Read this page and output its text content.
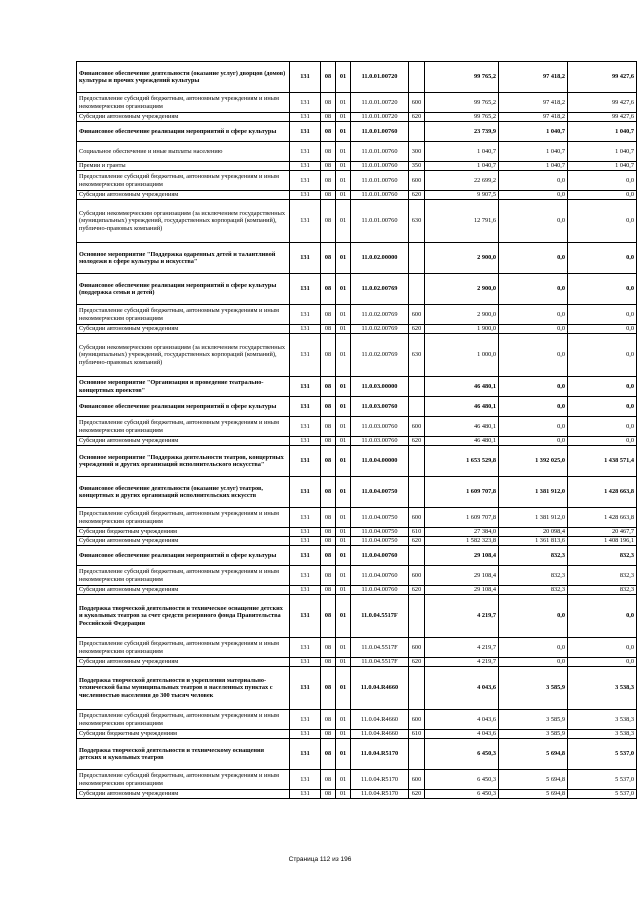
Финансовое обеспечение деятельности (оказание услуг) дворцов (домов) культуры и прочих учреждений культуры	131	08	01	11.0.01.00720		99 765,2	97 418,2	99 427,6
Предоставление субсидий бюджетным, автономным учреждениям и иным некоммерческим организациям	131	08	01	11.0.01.00720	600	99 765,2	97 418,2	99 427,6
Субсидии автономным учреждениям	131	08	01	11.0.01.00720	620	99 765,2	97 418,2	99 427,6
Финансовое обеспечение реализации мероприятий в сфере культуры	131	08	01	11.0.01.00760		23 739,9	1 040,7	1 040,7
Социальное обеспечение и иные выплаты населению	131	08	01	11.0.01.00760	300	1 040,7	1 040,7	1 040,7
Премии и гранты	131	08	01	11.0.01.00760	350	1 040,7	1 040,7	1 040,7
Предоставление субсидий бюджетным, автономным учреждениям и иным некоммерческим организациям	131	08	01	11.0.01.00760	600	22 699,2	0,0	0,0
Субсидии автономным учреждениям	131	08	01	11.0.01.00760	620	9 907,5	0,0	0,0
Субсидии некоммерческим организациям (за исключением государственных (муниципальных) учреждений, государственных корпораций (компаний), публично-правовых компаний)	131	08	01	11.0.01.00760	630	12 791,6	0,0	0,0
Основное мероприятие "Поддержка одаренных детей и талантливой молодежи в сфере культуры и искусства"	131	08	01	11.0.02.00000		2 900,0	0,0	0,0
Финансовое обеспечение реализации мероприятий в сфере культуры (поддержка семьи и детей)	131	08	01	11.0.02.00769		2 900,0	0,0	0,0
Предоставление субсидий бюджетным, автономным учреждениям и иным некоммерческим организациям	131	08	01	11.0.02.00769	600	2 900,0	0,0	0,0
Субсидии автономным учреждениям	131	08	01	11.0.02.00769	620	1 900,0	0,0	0,0
Субсидии некоммерческим организациям (за исключением государственных (муниципальных) учреждений, государственных корпораций (компаний), публично-правовых компаний)	131	08	01	11.0.02.00769	630	1 000,0	0,0	0,0
Основное мероприятие "Организация и проведение театрально-концертных проектов"	131	08	01	11.0.03.00000		46 480,1	0,0	0,0
Финансовое обеспечение реализации мероприятий в сфере культуры	131	08	01	11.0.03.00760		46 480,1	0,0	0,0
Предоставление субсидий бюджетным, автономным учреждениям и иным некоммерческим организациям	131	08	01	11.0.03.00760	600	46 480,1	0,0	0,0
Субсидии автономным учреждениям	131	08	01	11.0.03.00760	620	46 480,1	0,0	0,0
Основное мероприятие "Поддержка деятельности театров, концертных учреждений и других организаций исполнительского искусства"	131	08	01	11.0.04.00000		1 653 529,8	1 392 025,0	1 438 571,4
Финансовое обеспечение деятельности (оказание услуг) театров, концертных и других организаций исполнительских искусств	131	08	01	11.0.04.00750		1 609 707,8	1 381 912,0	1 428 663,8
Предоставление субсидий бюджетным, автономным учреждениям и иным некоммерческим организациям	131	08	01	11.0.04.00750	600	1 609 707,8	1 381 912,0	1 428 663,8
Субсидии бюджетным учреждениям	131	08	01	11.0.04.00750	610	27 384,0	20 098,4	20 467,7
Субсидии автономным учреждениям	131	08	01	11.0.04.00750	620	1 582 323,8	1 361 813,6	1 408 196,1
Финансовое обеспечение реализации мероприятий в сфере культуры	131	08	01	11.0.04.00760		29 108,4	832,3	832,3
Предоставление субсидий бюджетным, автономным учреждениям и иным некоммерческим организациям	131	08	01	11.0.04.00760	600	29 108,4	832,3	832,3
Субсидии автономным учреждениям	131	08	01	11.0.04.00760	620	29 108,4	832,3	832,3
Поддержка творческой деятельности и техническое оснащение детских и кукольных театров за счет средств резервного фонда Правительства Российской Федерации	131	08	01	11.0.04.5517F		4 219,7	0,0	0,0
Предоставление субсидий бюджетным, автономным учреждениям и иным некоммерческим организациям	131	08	01	11.0.04.5517F	600	4 219,7	0,0	0,0
Субсидии автономным учреждениям	131	08	01	11.0.04.5517F	620	4 219,7	0,0	0,0
Поддержка творческой деятельности и укрепления материально-технической базы муниципальных театров в населенных пунктах с численностью населения до 300 тысяч человек	131	08	01	11.0.04.R4660		4 043,6	3 585,9	3 538,3
Предоставление субсидий бюджетным, автономным учреждениям и иным некоммерческим организациям	131	08	01	11.0.04.R4660	600	4 043,6	3 585,9	3 538,3
Субсидии бюджетным учреждениям	131	08	01	11.0.04.R4660	610	4 043,6	3 585,9	3 538,3
Поддержка творческой деятельности и техническому оснащения детских и кукольных театров	131	08	01	11.0.04.R5170		6 450,3	5 694,8	5 537,0
Предоставление субсидий бюджетным, автономным учреждениям и иным некоммерческим организациям	131	08	01	11.0.04.R5170	600	6 450,3	5 694,8	5 537,0
Субсидии автономным учреждениям	131	08	01	11.0.04.R5170	620	6 450,3	5 694,8	5 537,0
Страница 112 из 196
